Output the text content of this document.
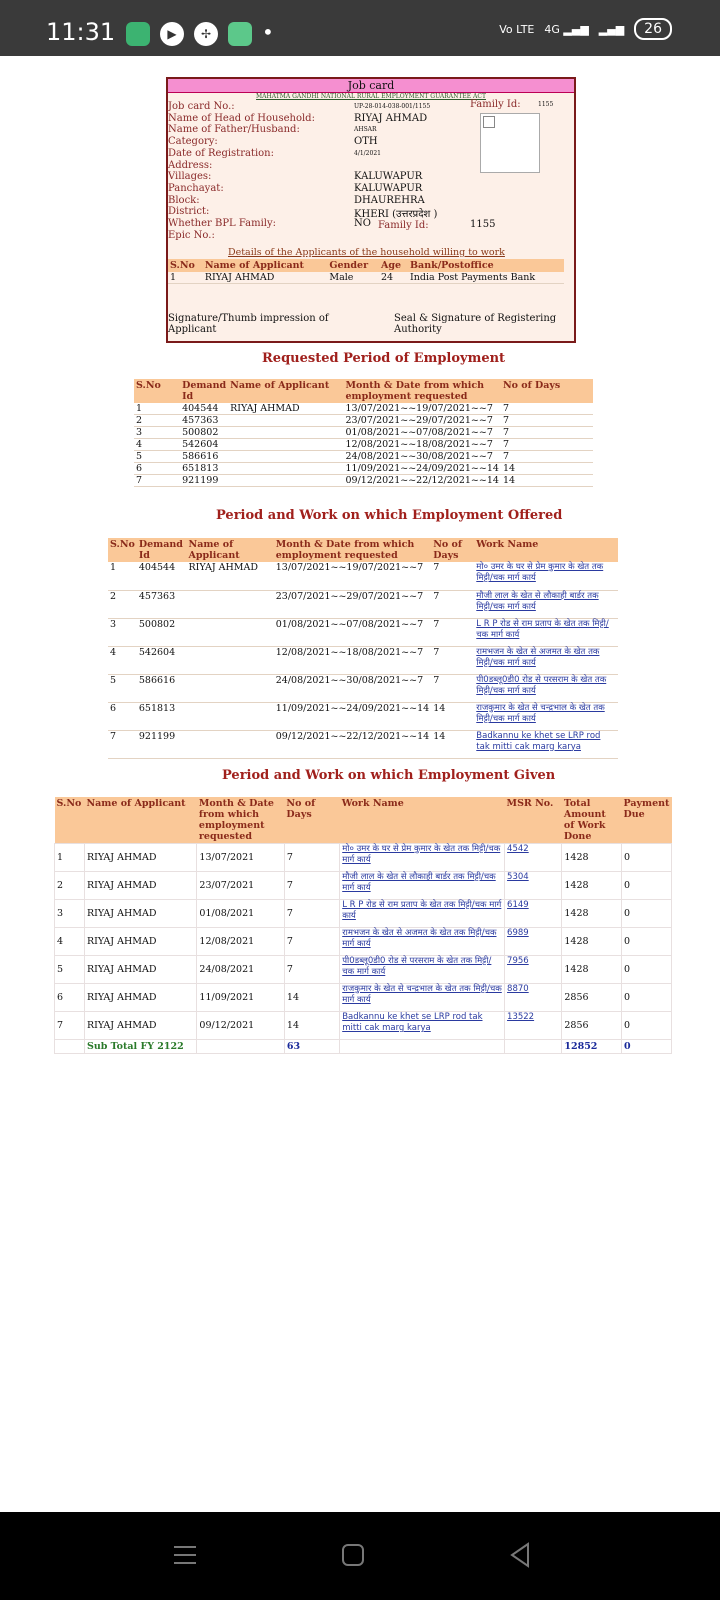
11:31	▶	✢	•	Vo LTE 4G ▂▄▆ ▂▄▆	26
Job card
MAHATMA GANDHI NATIONAL RURAL EMPLOYMENT GUARANTEE ACT
Job card No.:	UP-28-014-038-001/1155
Name of Head of Household:	RIYAJ AHMAD
Name of Father/Husband:	AHSAR
Category:	OTH
Date of Registration:	4/1/2021
Address:
Villages:	KALUWAPUR
Panchayat:	KALUWAPUR
Block:	DHAUREHRA
District:	KHERI (उत्तरप्रदेश )
Whether BPL Family:	NO
Epic No.:
Family Id:	1155
Family Id:	1155
Details of the Applicants of the household willing to work
S.No	Name of Applicant	Gender	Age	Bank/Postoffice
1	RIYAJ AHMAD	Male	24	India Post Payments Bank
Signature/Thumb impression of Applicant
Seal & Signature of Registering Authority
Requested Period of Employment
S.No	Demand Id	Name of Applicant	Month & Date from which employment requested	No of Days
1	404544	RIYAJ AHMAD	13/07/2021~~19/07/2021~~7	7
2	457363		23/07/2021~~29/07/2021~~7	7
3	500802		01/08/2021~~07/08/2021~~7	7
4	542604		12/08/2021~~18/08/2021~~7	7
5	586616		24/08/2021~~30/08/2021~~7	7
6	651813		11/09/2021~~24/09/2021~~14	14
7	921199		09/12/2021~~22/12/2021~~14	14
Period and Work on which Employment Offered
S.No	Demand Id	Name of Applicant	Month & Date from which employment requested	No of Days	Work Name
1	404544	RIYAJ AHMAD	13/07/2021~~19/07/2021~~7	7	मो० उमर के घर से प्रेम कुमार के खेत तक मिट्टी/चक मार्ग कार्य
2	457363		23/07/2021~~29/07/2021~~7	7	मौजी लाल के खेत से लौकाही बार्डर तक मिट्टी/चक मार्ग कार्य
3	500802		01/08/2021~~07/08/2021~~7	7	L R P रोड से राम प्रताप के खेत तक मिट्टी/चक मार्ग कार्य
4	542604		12/08/2021~~18/08/2021~~7	7	रामभजन के खेत से अजमत के खेत तक मिट्टी/चक मार्ग कार्य
5	586616		24/08/2021~~30/08/2021~~7	7	पी0डब्लू0डी0 रोड से परसराम के खेत तक मिट्टी/चक मार्ग कार्य
6	651813		11/09/2021~~24/09/2021~~14	14	राजकुमार के खेत से चन्द्रभाल के खेत तक मिट्टी/चक मार्ग कार्य
7	921199		09/12/2021~~22/12/2021~~14	14	Badkannu ke khet se LRP rod tak mitti cak marg karya
Period and Work on which Employment Given
S.No	Name of Applicant	Month & Date from which employment requested	No of Days	Work Name	MSR No.	Total Amount of Work Done	Payment Due
1	RIYAJ AHMAD	13/07/2021	7	मो० उमर के घर से प्रेम कुमार के खेत तक मिट्टी/चक मार्ग कार्य	4542	1428	0
2	RIYAJ AHMAD	23/07/2021	7	मौजी लाल के खेत से लौकाही बार्डर तक मिट्टी/चक मार्ग कार्य	5304	1428	0
3	RIYAJ AHMAD	01/08/2021	7	L R P रोड से राम प्रताप के खेत तक मिट्टी/चक मार्ग कार्य	6149	1428	0
4	RIYAJ AHMAD	12/08/2021	7	रामभजन के खेत से अजमत के खेत तक मिट्टी/चक मार्ग कार्य	6989	1428	0
5	RIYAJ AHMAD	24/08/2021	7	पी0डब्लू0डी0 रोड से परसराम के खेत तक मिट्टी/चक मार्ग कार्य	7956	1428	0
6	RIYAJ AHMAD	11/09/2021	14	राजकुमार के खेत से चन्द्रभाल के खेत तक मिट्टी/चक मार्ग कार्य	8870	2856	0
7	RIYAJ AHMAD	09/12/2021	14	Badkannu ke khet se LRP rod tak mitti cak marg karya	13522	2856	0
	Sub Total FY 2122		63			12852	0
